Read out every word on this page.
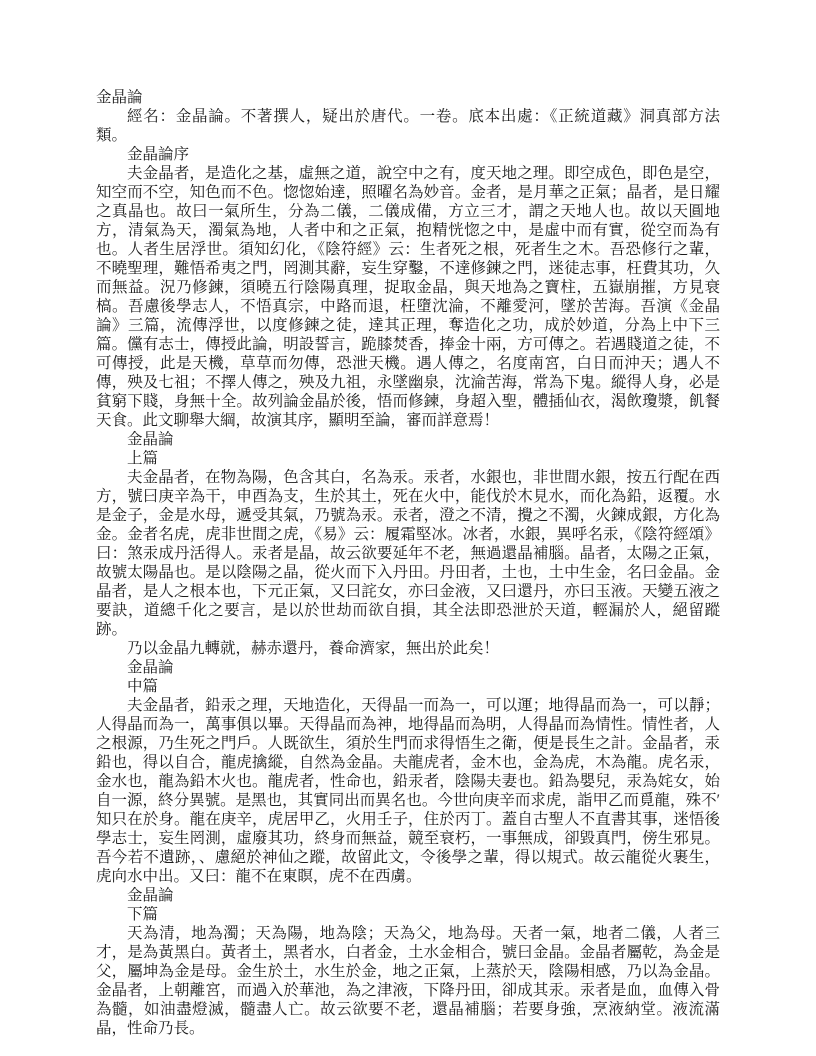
金晶論

經名：金晶論。不著撰人，疑出於唐代。一卷。底本出處：《正統道藏》洞真部方法類。

金晶論序

夫金晶者，是造化之基，虛無之道，說空中之有，度天地之理。即空成色，即色是空，知空而不空，知色而不色。惚惚始達，照曜名為妙音。金者，是月華之正氣；晶者，是日耀之真晶也。故曰一氣所生，分為二儀，二儀成備，方立三才，謂之天地人也。故以天圓地方，清氣為天，濁氣為地，人者中和之正氣，抱精恍惚之中，是虛中而有實，從空而為有也。人者生居浮世。須知幻化，《陰符經》云：生者死之根，死者生之木。吾恐修行之輩，不曉聖理，難悟希夷之門，罔測其辭，妄生穿鑿，不達修鍊之門，迷徒志事，枉費其功，久而無益。況乃修鍊，須曉五行陰陽真理，捉取金晶，與天地為之寶柱，五嶽崩摧，方見衰槁。吾慮後學志人，不悟真宗，中路而退，枉墮沈淪，不離愛河，墜於苦海。吾演《金晶論》三篇，流傳浮世，以度修鍊之徒，達其正理，奪造化之功，成於妙道，分為上中下三篇。儻有志士，傳授此論，明設誓言，跪膝焚香，捧金十兩，方可傳之。若遇賤道之徒，不可傳授，此是天機，草草而勿傳，恐泄天機。遇人傳之，名度南宮，白日而沖天；遇人不傳，殃及七祖；不擇人傳之，殃及九祖，永墜幽泉，沈淪苦海，常為下鬼。縱得人身，必是貧窮下賤，身無十全。故列論金晶於後，悟而修鍊，身超入聖，體插仙衣，渴飲瓊漿，飢餐天食。此文聊舉大綱，故演其序，顯明至論，審而詳意焉！

金晶論

上篇

夫金晶者，在物為陽，色含其白，名為汞。汞者，水銀也，非世間水銀，按五行配在西方，號曰庚辛為干，申酉為支，生於其土，死在火中，能伐於木見水，而化為鉛，返覆。水是金子，金是水母，遞受其氣，乃號為汞。汞者，澄之不清，攪之不濁，火鍊成銀，方化為金。金者名虎，虎非世間之虎，《易》云：履霜堅冰。冰者，水銀，異呼名汞，《陰符經頌》曰：煞汞成丹活得人。汞者是晶，故云欲要延年不老，無過還晶補腦。晶者，太陽之正氣，故號太陽晶也。是以陰陽之晶，從火而下入丹田。丹田者，土也，土中生金，名曰金晶。金晶者，是人之根本也，下元正氣，又曰詫女，亦曰金液，又曰還丹，亦曰玉液。天變五液之要訣，道總千化之要言，是以於世劫而欲自損，其全法即恐泄於天道，輕漏於人，絕留蹤跡。

乃以金晶九轉就，赫赤還丹，養命濟家，無出於此矣！

金晶論

中篇

夫金晶者，鉛汞之理，天地造化，天得晶一而為一，可以運；地得晶而為一，可以靜；人得晶而為一，萬事俱以畢。天得晶而為神，地得晶而為明，人得晶而為情性。情性者，人之根源，乃生死之門戶。人既欲生，須於生門而求得悟生之衛，便是長生之計。金晶者，汞鉛也，得以自合，龍虎擒縱，自然為金晶。夫龍虎者，金木也，金為虎，木為龍。虎名汞，金水也，龍為鉛木火也。龍虎者，性命也，鉛汞者，陰陽夫妻也。鉛為嬰兒，汞為姹女，始自一源，終分異號。是黑也，其實同出而異名也。今世向庚辛而求虎，詣甲乙而覓龍，殊不′知只在於身。龍在庚辛，虎居甲乙，火用壬子，住於丙丁。蓋自古聖人不直書其事，迷悟後學志士，妄生罔測，虛廢其功，終身而無益，競至衰朽，一事無成，卻毀真門，傍生邪見。吾今若不遺跡，、慮絕於神仙之蹤，故留此文，令後學之輩，得以規式。故云龍從火裹生，虎向水中出。又曰：龍不在東瞑，虎不在西虜。

金晶論

下篇

天為清，地為濁；天為陽，地為陰；天為父，地為母。天者一氣，地者二儀，人者三才，是為黃黑白。黃者土，黑者水，白者金，土水金相合，號曰金晶。金晶者屬乾，為金是父，屬坤為金是母。金生於土，水生於金，地之正氣，上蒸於天，陰陽相感，乃以為金晶。金晶者，上朝離宮，而過入於華池，為之津液，下降丹田，卻成其汞。汞者是血，血傳入骨為髓，如油盡燈滅，髓盡人亡。故云欲要不老，還晶補腦；若要身強，烹液納堂。液流滿晶，性命乃長。
